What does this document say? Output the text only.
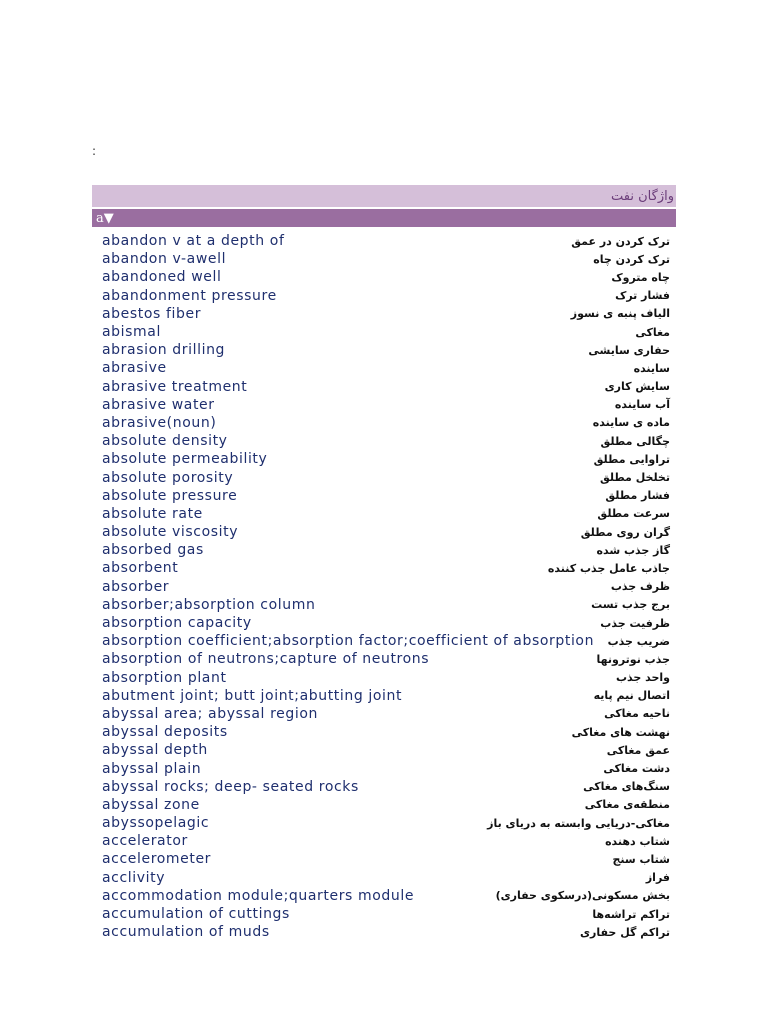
:
واژگان نفت
a▼
abandon v at a depth of	ترک کردن در عمق
abandon v-awell	ترک کردن چاه
abandoned well	چاه متروک
abandonment pressure	فشار ترک
abestos fiber	الیاف پنبه ی نسوز
abismal	مغاکی
abrasion drilling	حفاری سایشی
abrasive	ساینده
abrasive treatment	سایش کاری
abrasive water	آب ساینده
abrasive(noun)	ماده ی ساینده
absolute density	چگالی مطلق
absolute permeability	تراوایی مطلق
absolute porosity	تخلخل مطلق
absolute pressure	فشار مطلق
absolute rate	سرعت مطلق
absolute viscosity	گران روی مطلق
absorbed gas	گاز جذب شده
absorbent	جاذب عامل جذب کننده
absorber	ظرف جذب
absorber;absorption column	برج جذب تست
absorption capacity	ظرفیت جذب
absorption coefficient;absorption factor;coefficient of absorption ضریب جذب
absorption of neutrons;capture of neutrons	جذب نوترونها
absorption plant	واحد جذب
abutment joint; butt joint;abutting joint	اتصال نیم پایه
abyssal area; abyssal region	ناحیه مغاکی
abyssal deposits	نهشت های مغاکی
abyssal depth	عمق مغاکی
abyssal plain	دشت مغاکی
abyssal rocks; deep- seated rocks	سنگ‌های مغاکی
abyssal zone	منطقه‌ی مغاکی
abyssopelagic	مغاکی-دریایی وابسته به دریای باز
accelerator	شتاب دهنده
accelerometer	شتاب سنج
acclivity	فراز
accommodation module;quarters module	بخش مسکونی(درسکوی حفاری)
accumulation of cuttings	تراکم تراشه‌ها
accumulation of muds	تراکم گل حفاری
